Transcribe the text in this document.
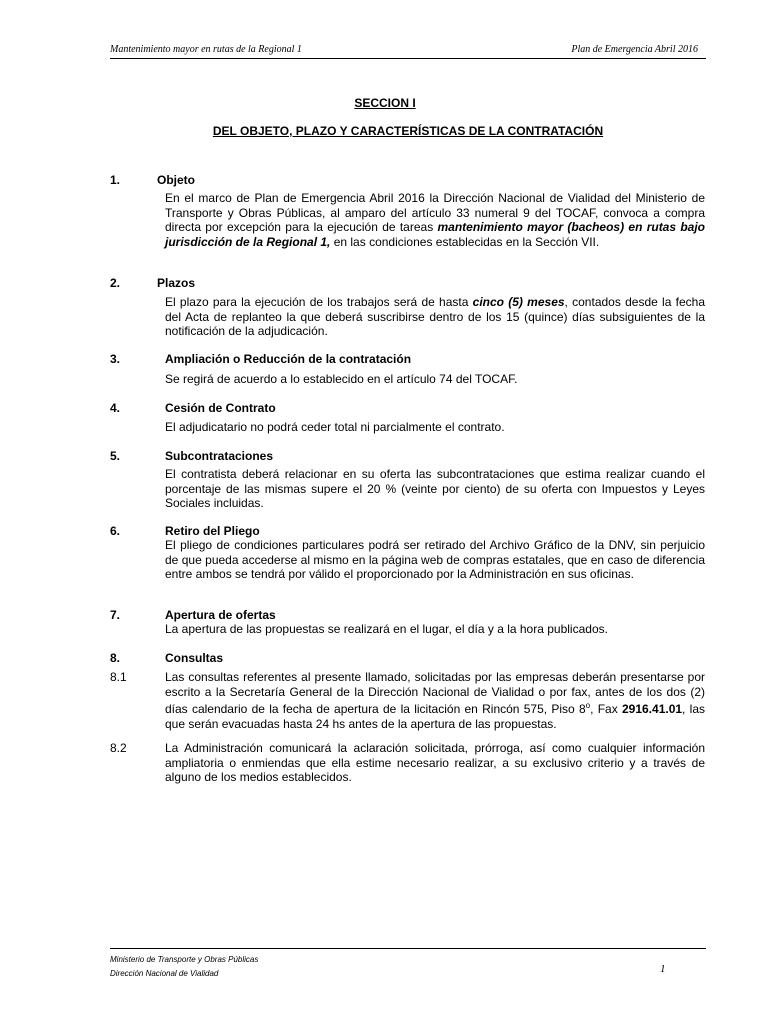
Mantenimiento mayor en rutas de la Regional 1	Plan de Emergencia Abril 2016
SECCION I
DEL OBJETO, PLAZO Y CARACTERÍSTICAS DE LA CONTRATACIÓN
1.	Objeto

En el marco de Plan de Emergencia Abril 2016 la Dirección Nacional de Vialidad del Ministerio de Transporte y Obras Públicas, al amparo del artículo 33 numeral 9 del TOCAF, convoca a compra directa por excepción para la ejecución de tareas mantenimiento mayor (bacheos) en rutas bajo jurisdicción de la Regional 1, en las condiciones establecidas en la Sección VII.

2.	Plazos

El plazo para la ejecución de los trabajos será de hasta cinco (5) meses, contados desde la fecha del Acta de replanteo la que deberá suscribirse dentro de los 15 (quince) días subsiguientes de la notificación de la adjudicación.

3.	Ampliación o Reducción de la contratación

Se regirá de acuerdo a lo establecido en el artículo 74 del TOCAF.

4.	Cesión de Contrato

El adjudicatario no podrá ceder total ni parcialmente el contrato.

5.	Subcontrataciones

El contratista deberá relacionar en su oferta las subcontrataciones que estima realizar cuando el porcentaje de las mismas supere el 20 % (veinte por ciento) de su oferta con Impuestos y Leyes Sociales incluidas.

6.	Retiro del Pliego

El pliego de condiciones particulares podrá ser retirado del Archivo Gráfico de la DNV, sin perjuicio de que pueda accederse al mismo en la página web de compras estatales, que en caso de diferencia entre ambos se tendrá por válido el proporcionado por la Administración en sus oficinas.

7.	Apertura de ofertas

La apertura de las propuestas se realizará en el lugar, el día y a la hora publicados.

8.	Consultas
8.1	Las consultas referentes al presente llamado, solicitadas por las empresas deberán presentarse por escrito a la Secretaría General de la Dirección Nacional de Vialidad o por fax, antes de los dos (2) días calendario de la fecha de apertura de la licitación en Rincón 575, Piso 8$^o$, Fax 2916.41.01, las que serán evacuadas hasta 24 hs antes de la apertura de las propuestas.

8.2	La Administración comunicará la aclaración solicitada, prórroga, así como cualquier información ampliatoria o enmiendas que ella estime necesario realizar, a su exclusivo criterio y a través de alguno de los medios establecidos.

Ministerio de Transporte y Obras Públicas
Dirección Nacional de Vialidad	1
